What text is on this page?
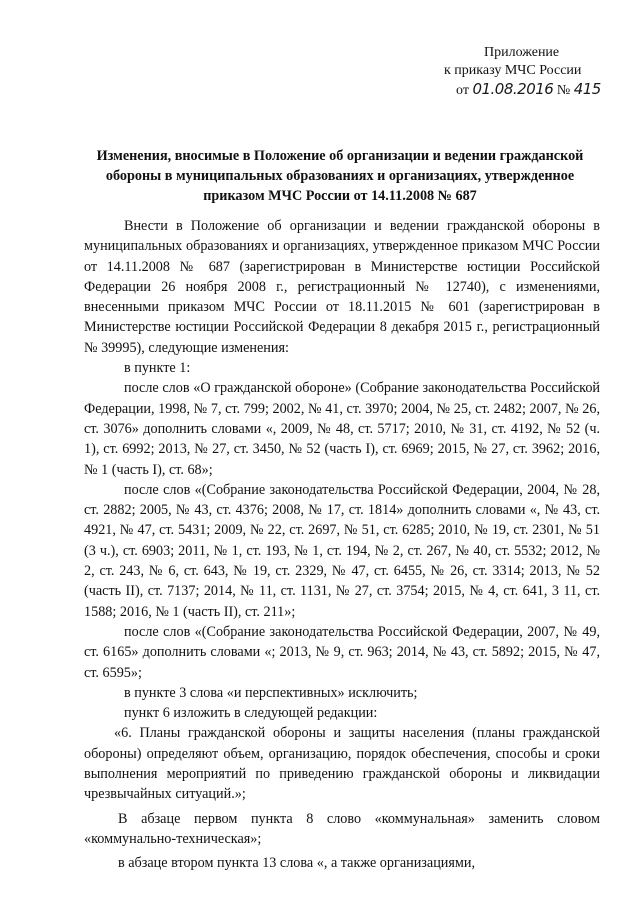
Приложение
к приказу МЧС России
от 01.08.2016 № 415
Изменения, вносимые в Положение об организации и ведении гражданской обороны в муниципальных образованиях и организациях, утвержденное приказом МЧС России от 14.11.2008 № 687

Внести в Положение об организации и ведении гражданской обороны в муниципальных образованиях и организациях, утвержденное приказом МЧС России от 14.11.2008 № 687 (зарегистрирован в Министерстве юстиции Российской Федерации 26 ноября 2008 г., регистрационный № 12740), с изменениями, внесенными приказом МЧС России от 18.11.2015 № 601 (зарегистрирован в Министерстве юстиции Российской Федерации 8 декабря 2015 г., регистрационный № 39995), следующие изменения:

в пункте 1:

после слов «О гражданской обороне» (Собрание законодательства Российской Федерации, 1998, № 7, ст. 799; 2002, № 41, ст. 3970; 2004, № 25, ст. 2482; 2007, № 26, ст. 3076» дополнить словами «, 2009, № 48, ст. 5717; 2010, № 31, ст. 4192, № 52 (ч. 1), ст. 6992; 2013, № 27, ст. 3450, № 52 (часть I), ст. 6969; 2015, № 27, ст. 3962; 2016, № 1 (часть I), ст. 68»;

после слов «(Собрание законодательства Российской Федерации, 2004, № 28, ст. 2882; 2005, № 43, ст. 4376; 2008, № 17, ст. 1814» дополнить словами «, № 43, ст. 4921, № 47, ст. 5431; 2009, № 22, ст. 2697, № 51, ст. 6285; 2010, № 19, ст. 2301, № 51 (3 ч.), ст. 6903; 2011, № 1, ст. 193, № 1, ст. 194, № 2, ст. 267, № 40, ст. 5532; 2012, № 2, ст. 243, № 6, ст. 643, № 19, ст. 2329, № 47, ст. 6455, № 26, ст. 3314; 2013, № 52 (часть II), ст. 7137; 2014, № 11, ст. 1131, № 27, ст. 3754; 2015, № 4, ст. 641, 3 11, ст. 1588; 2016, № 1 (часть II), ст. 211»;

после слов «(Собрание законодательства Российской Федерации, 2007, № 49, ст. 6165» дополнить словами «; 2013, № 9, ст. 963; 2014, № 43, ст. 5892; 2015, № 47, ст. 6595»;

в пункте 3 слова «и перспективных» исключить;

пункт 6 изложить в следующей редакции:

«6. Планы гражданской обороны и защиты населения (планы гражданской обороны) определяют объем, организацию, порядок обеспечения, способы и сроки выполнения мероприятий по приведению гражданской обороны и ликвидации чрезвычайных ситуаций.»;

В абзаце первом пункта 8 слово «коммунальная» заменить словом «коммунально-техническая»;

в абзаце втором пункта 13 слова «, а также организациями,
